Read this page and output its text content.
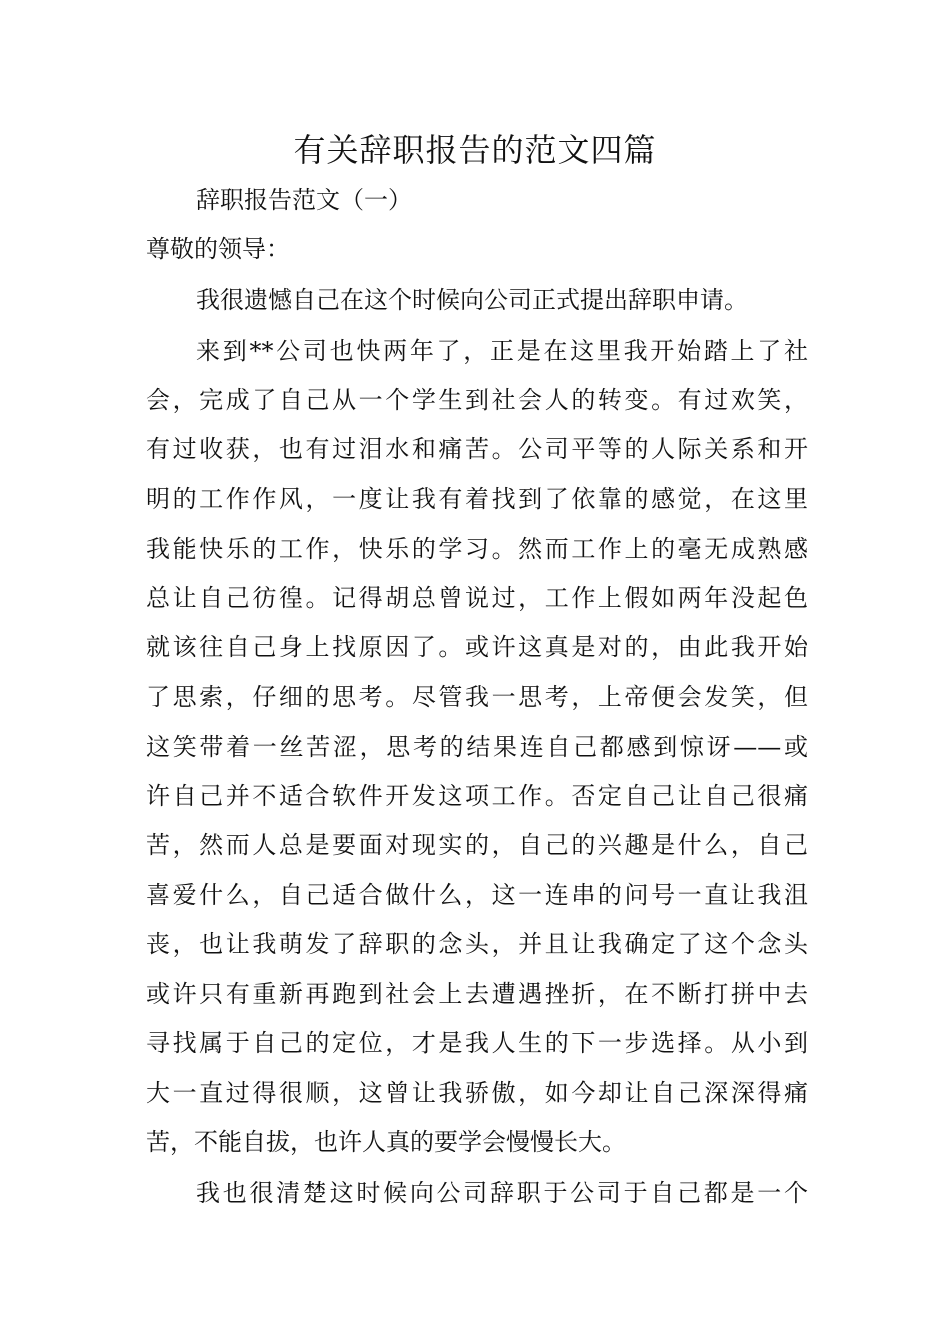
有关辞职报告的范文四篇

辞职报告范文（一）

尊敬的领导：

我很遗憾自己在这个时候向公司正式提出辞职申请。

来到**公司也快两年了，正是在这里我开始踏上了社

会，完成了自己从一个学生到社会人的转变。有过欢笑，

有过收获，也有过泪水和痛苦。公司平等的人际关系和开

明的工作作风，一度让我有着找到了依靠的感觉，在这里

我能快乐的工作，快乐的学习。然而工作上的毫无成熟感

总让自己彷徨。记得胡总曾说过，工作上假如两年没起色

就该往自己身上找原因了。或许这真是对的，由此我开始

了思索，仔细的思考。尽管我一思考，上帝便会发笑，但

这笑带着一丝苦涩，思考的结果连自己都感到惊讶——或

许自己并不适合软件开发这项工作。否定自己让自己很痛

苦，然而人总是要面对现实的，自己的兴趣是什么，自己

喜爱什么，自己适合做什么，这一连串的问号一直让我沮

丧，也让我萌发了辞职的念头，并且让我确定了这个念头

或许只有重新再跑到社会上去遭遇挫折，在不断打拼中去

寻找属于自己的定位，才是我人生的下一步选择。从小到

大一直过得很顺，这曾让我骄傲，如今却让自己深深得痛

苦，不能自拔，也许人真的要学会慢慢长大。

我也很清楚这时候向公司辞职于公司于自己都是一个
